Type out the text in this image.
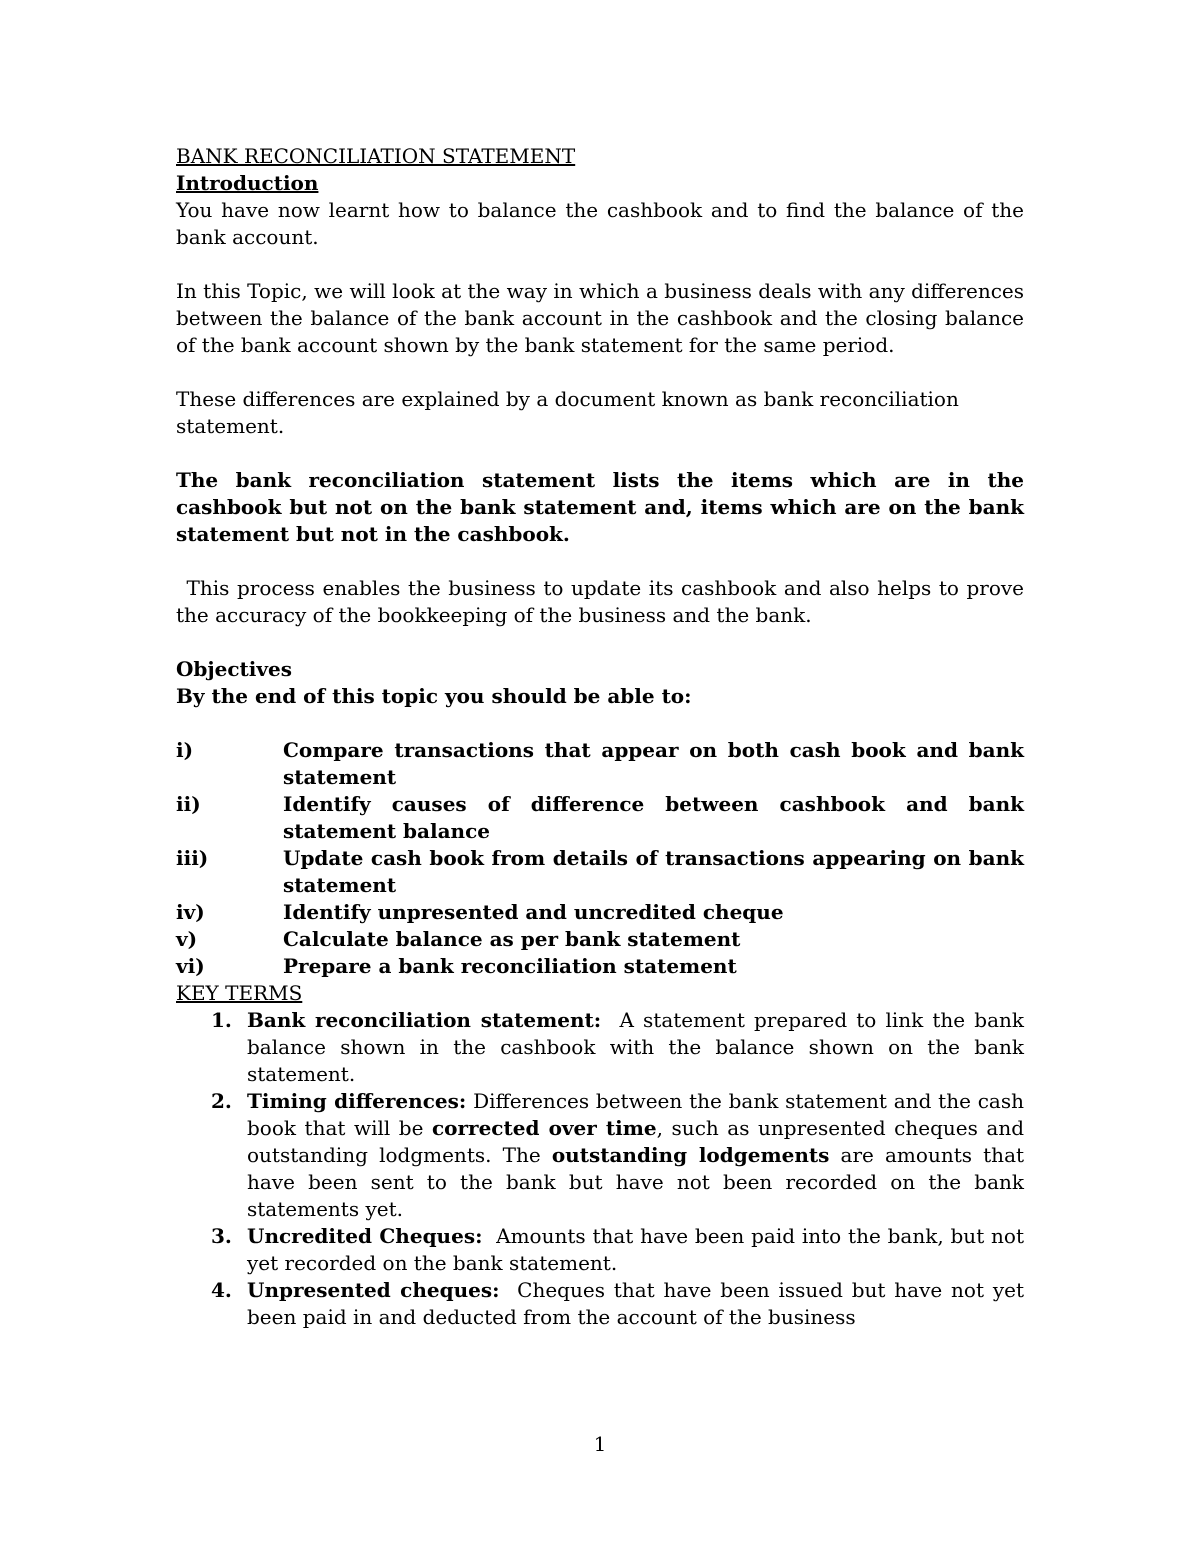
BANK RECONCILIATION STATEMENT

Introduction

You have now learnt how to balance the cashbook and to find the balance of the bank account.

In this Topic, we will look at the way in which a business deals with any differences between the balance of the bank account in the cashbook and the closing balance of the bank account shown by the bank statement for the same period.

These differences are explained by a document known as bank reconciliation statement.

The bank reconciliation statement lists the items which are in the cashbook but not on the bank statement and, items which are on the bank statement but not in the cashbook.

This process enables the business to update its cashbook and also helps to prove the accuracy of the bookkeeping of the business and the bank.

Objectives

By the end of this topic you should be able to:

i)	Compare transactions that appear on both cash book and bank statement
ii)	Identify causes of difference between cashbook and bank statement balance
iii)	Update cash book from details of transactions appearing on bank statement
iv)	Identify unpresented and uncredited cheque
v)	Calculate balance as per bank statement
vi)	Prepare a bank reconciliation statement

KEY TERMS

1. Bank reconciliation statement: A statement prepared to link the bank balance shown in the cashbook with the balance shown on the bank statement.
2. Timing differences: Differences between the bank statement and the cash book that will be corrected over time, such as unpresented cheques and outstanding lodgments. The outstanding lodgements are amounts that have been sent to the bank but have not been recorded on the bank statements yet.
3. Uncredited Cheques: Amounts that have been paid into the bank, but not yet recorded on the bank statement.
4. Unpresented cheques: Cheques that have been issued but have not yet been paid in and deducted from the account of the business
1
